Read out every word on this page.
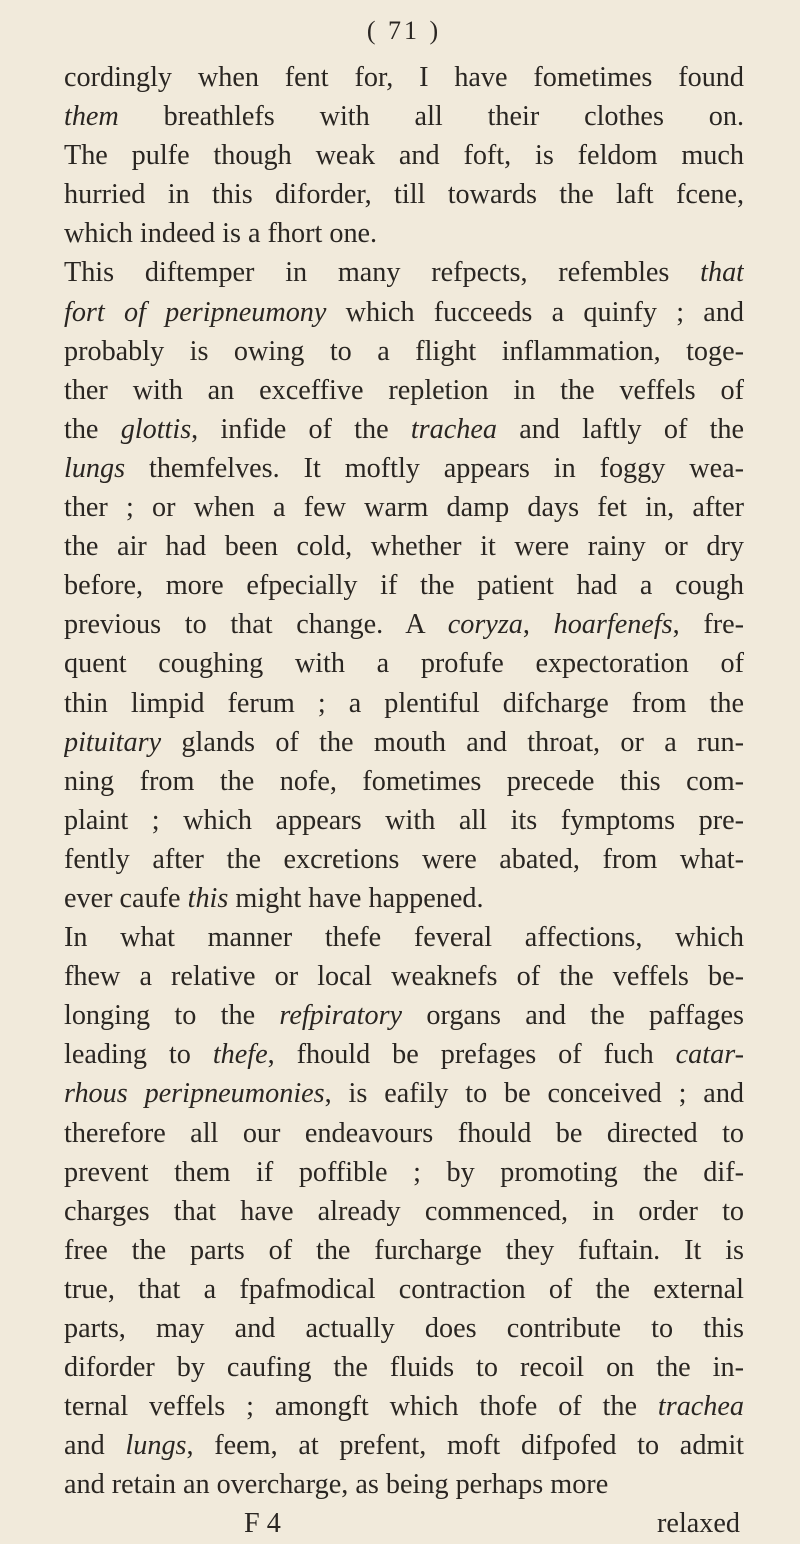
( 71 )
cordingly when fent for, I have fometimes found
them breathlefs with all their clothes on.
The pulfe though weak and foft, is feldom much
hurried in this diforder, till towards the laft fcene,
which indeed is a fhort one.
This diftemper in many refpects, refembles that
fort of peripneumony which fucceeds a quinfy ; and
probably is owing to a flight inflammation, toge-
ther with an exceffive repletion in the veffels of
the glottis, infide of the trachea and laftly of the
lungs themfelves. It moftly appears in foggy wea-
ther ; or when a few warm damp days fet in, after
the air had been cold, whether it were rainy or dry
before, more efpecially if the patient had a cough
previous to that change. A coryza, hoarfenefs, fre-
quent coughing with a profufe expectoration of
thin limpid ferum ; a plentiful difcharge from the
pituitary glands of the mouth and throat, or a run-
ning from the nofe, fometimes precede this com-
plaint ; which appears with all its fymptoms pre-
fently after the excretions were abated, from what-
ever caufe this might have happened.
In what manner thefe feveral affections, which
fhew a relative or local weaknefs of the veffels be-
longing to the refpiratory organs and the paffages
leading to thefe, fhould be prefages of fuch catar-
rhous peripneumonies, is eafily to be conceived ; and
therefore all our endeavours fhould be directed to
prevent them if poffible ; by promoting the dif-
charges that have already commenced, in order to
free the parts of the furcharge they fuftain. It is
true, that a fpafmodical contraction of the external
parts, may and actually does contribute to this
diforder by caufing the fluids to recoil on the in-
ternal veffels ; amongft which thofe of the trachea
and lungs, feem, at prefent, moft difpofed to admit
and retain an overcharge, as being perhaps more
F 4	relaxed
